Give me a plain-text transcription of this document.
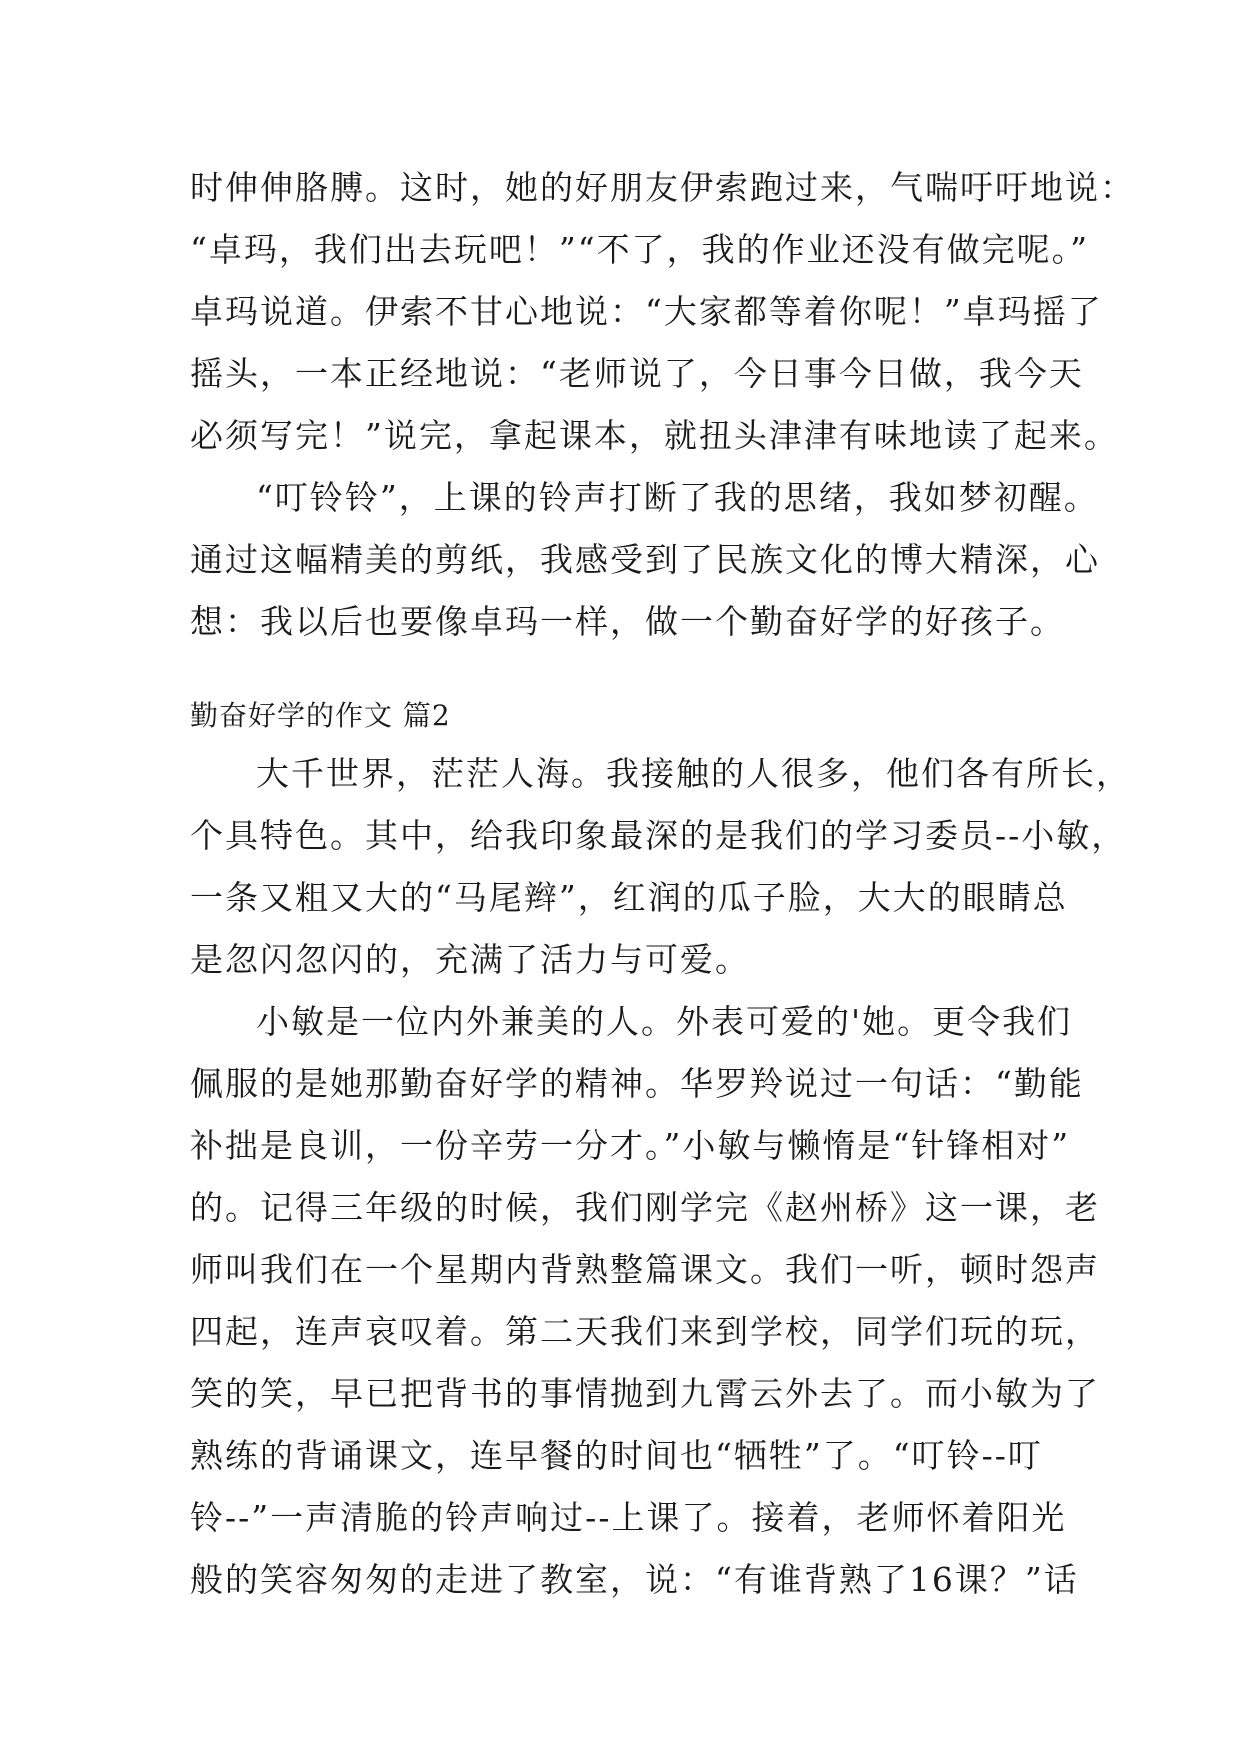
时伸伸胳膊。这时，她的好朋友伊索跑过来，气喘吁吁地说：
“卓玛，我们出去玩吧！”“不了，我的作业还没有做完呢。”
卓玛说道。伊索不甘心地说：“大家都等着你呢！”卓玛摇了
摇头，一本正经地说：“老师说了，今日事今日做，我今天
必须写完！”说完，拿起课本，就扭头津津有味地读了起来。
“叮铃铃”，上课的铃声打断了我的思绪，我如梦初醒。
通过这幅精美的剪纸，我感受到了民族文化的博大精深，心
想：我以后也要像卓玛一样，做一个勤奋好学的好孩子。
勤奋好学的作文 篇2
大千世界，茫茫人海。我接触的人很多，他们各有所长，
个具特色。其中，给我印象最深的是我们的学习委员--小敏，
一条又粗又大的“马尾辫”，红润的瓜子脸，大大的眼睛总
是忽闪忽闪的，充满了活力与可爱。
小敏是一位内外兼美的人。外表可爱的'她。更令我们
佩服的是她那勤奋好学的精神。华罗羚说过一句话：“勤能
补拙是良训，一份辛劳一分才。”小敏与懒惰是“针锋相对”
的。记得三年级的时候，我们刚学完《赵州桥》这一课，老
师叫我们在一个星期内背熟整篇课文。我们一听，顿时怨声
四起，连声哀叹着。第二天我们来到学校，同学们玩的玩，
笑的笑，早已把背书的事情抛到九霄云外去了。而小敏为了
熟练的背诵课文，连早餐的时间也“牺牲”了。“叮铃--叮
铃--”一声清脆的铃声响过--上课了。接着，老师怀着阳光
般的笑容匆匆的走进了教室，说：“有谁背熟了16课？”话
